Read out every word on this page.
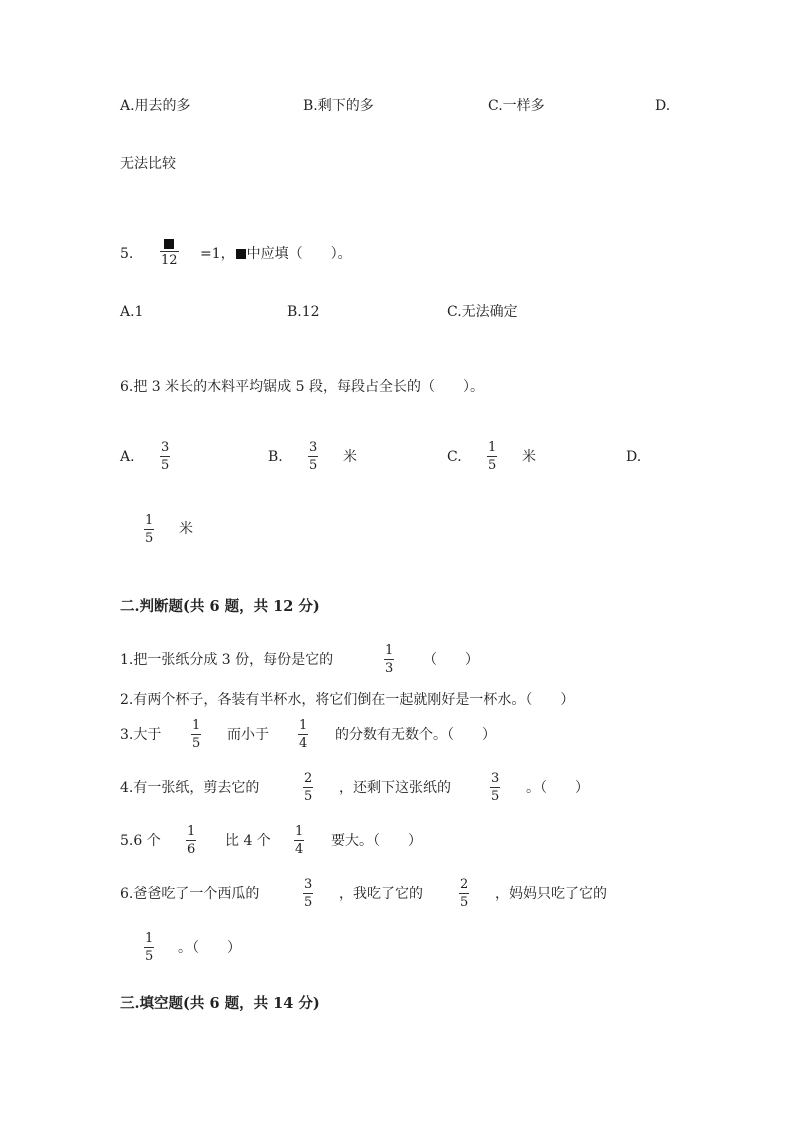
A.用去的多	B.剩下的多	C.一样多	D.
无法比较
5. 12 =1， 中应填（　　）。
A.1	B.12	C.无法确定
6.把 3 米长的木料平均锯成 5 段，每段占全长的（　　）。
A.
3
5
B.
3
5
米	C.
1
5
米	D.
1
5
米
二.判断题(共 6 题，共 12 分)
1.把一张纸分成 3 份，每份是它的
1
3
（　　）
2.有两个杯子，各装有半杯水，将它们倒在一起就刚好是一杯水。（　　）
3.大于
1
5
而小于
1
4
的分数有无数个。（　　）
4.有一张纸，剪去它的
2
5
，还剩下这张纸的
3
5
。（　　）
5.6 个
1
6
比 4 个
1
4
要大。（　　）
6.爸爸吃了一个西瓜的
3
5
，我吃了它的
2
5
，妈妈只吃了它的
1
5
。（　　）
三.填空题(共 6 题，共 14 分)
